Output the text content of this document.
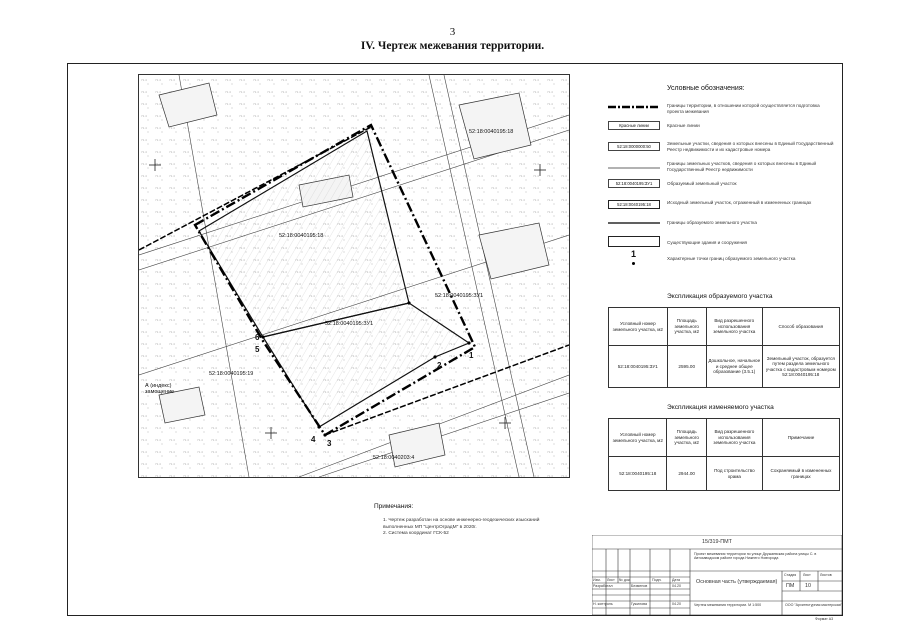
3
IV. Чертеж межевания территории.
52:18:0040195:18
52:18:0040195:ЗУ1
52:18:0040195:ЗУ1
52:18:0040195:19
52:18:0040203:4
52:18:0040195:18
А (индекс) замощение
1
2
3
4
5
6
Условные обозначения:
Границы территории, в отношении которой осуществляется подготовка проекта межевания
Красные линии	Красные линии
52:18:0000000:50
Земельные участки, сведения о которых внесены в Единый Государственный Реестр недвижимости и их кадастровые номера
Границы земельных участков, сведения о которых внесены в Единый Государственный Реестр недвижимости
52:18:0040195:ЗУ1	Образуемый земельный участок
52:18:0040195:18	Исходный земельный участок, отраженный в измененных границах
Границы образуемого земельного участка
Существующие здания и сооружения
1	Характерные точки границ образуемого земельного участка
Экспликация образуемого участка
Условный номер земельного участка, м2	Площадь земельного участка, м2	Вид разрешенного использования земельного участка	Способ образования
52:18:0040195:ЗУ1	2595.00	Дошкольное, начальное и среднее общее образование (3.5.1)	Земельный участок, образуется путем раздела земельного участка с кадастровым номером 52:18:0040195:18
Экспликация изменяемого участка
Условный номер земельного участка, м2	Площадь земельного участка, м2	Вид разрешенного использования земельного участка	Примечание
52:18:0040195:18	2944.00	Под строительство храма	Сохраняемый в измененных границах
Примечания:
1. Чертеж разработан на основе инженерно-геодезических изысканий
выполненных МП "ЦентрОградМ" в 2020г.
2. Система координат ГСК-52
15/319-ПМТ
Проект межевания территории по улице Дружаевская района улицы С. в Автозаводском районе города Нижнего Новгорода
Изм. Лист № док.	Подп.	Дата
Разработал	Безменов	04.20
Н. контроль	Гужилова	04.20
Основная часть (утверждаемая)
Стадия Лист	Листов
ПМ 10
Чертеж межевания территории. М 1:500	ООО "Архитектурная мастерская"
Формат А3
